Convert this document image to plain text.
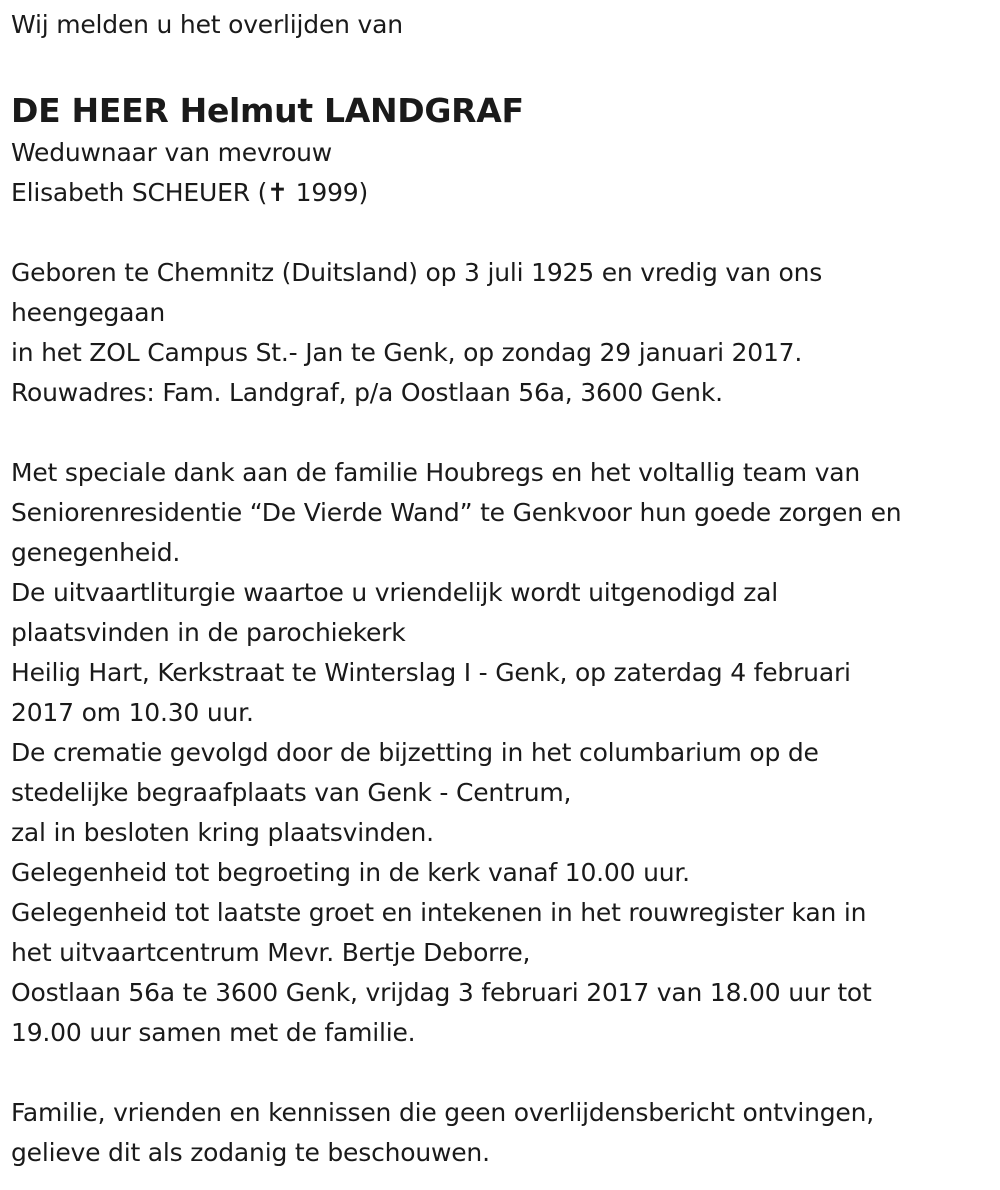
Wij melden u het overlijden van
DE HEER Helmut LANDGRAF
Weduwnaar van mevrouw
Elisabeth SCHEUER (✝ 1999)
Geboren te Chemnitz (Duitsland) op 3 juli 1925 en vredig van ons
heengegaan
in het ZOL Campus St.- Jan te Genk, op zondag 29 januari 2017.
Rouwadres: Fam. Landgraf, p/a Oostlaan 56a, 3600 Genk.
Met speciale dank aan de familie Houbregs en het voltallig team van
Seniorenresidentie “De Vierde Wand” te Genkvoor hun goede zorgen en
genegenheid.
De uitvaartliturgie waartoe u vriendelijk wordt uitgenodigd zal
plaatsvinden in de parochiekerk
Heilig Hart, Kerkstraat te Winterslag I - Genk, op zaterdag 4 februari
2017 om 10.30 uur.
De crematie gevolgd door de bijzetting in het columbarium op de
stedelijke begraafplaats van Genk - Centrum,
zal in besloten kring plaatsvinden.
Gelegenheid tot begroeting in de kerk vanaf 10.00 uur.
Gelegenheid tot laatste groet en intekenen in het rouwregister kan in
het uitvaartcentrum Mevr. Bertje Deborre,
Oostlaan 56a te 3600 Genk, vrijdag 3 februari 2017 van 18.00 uur tot
19.00 uur samen met de familie.
Familie, vrienden en kennissen die geen overlijdensbericht ontvingen,
gelieve dit als zodanig te beschouwen.
